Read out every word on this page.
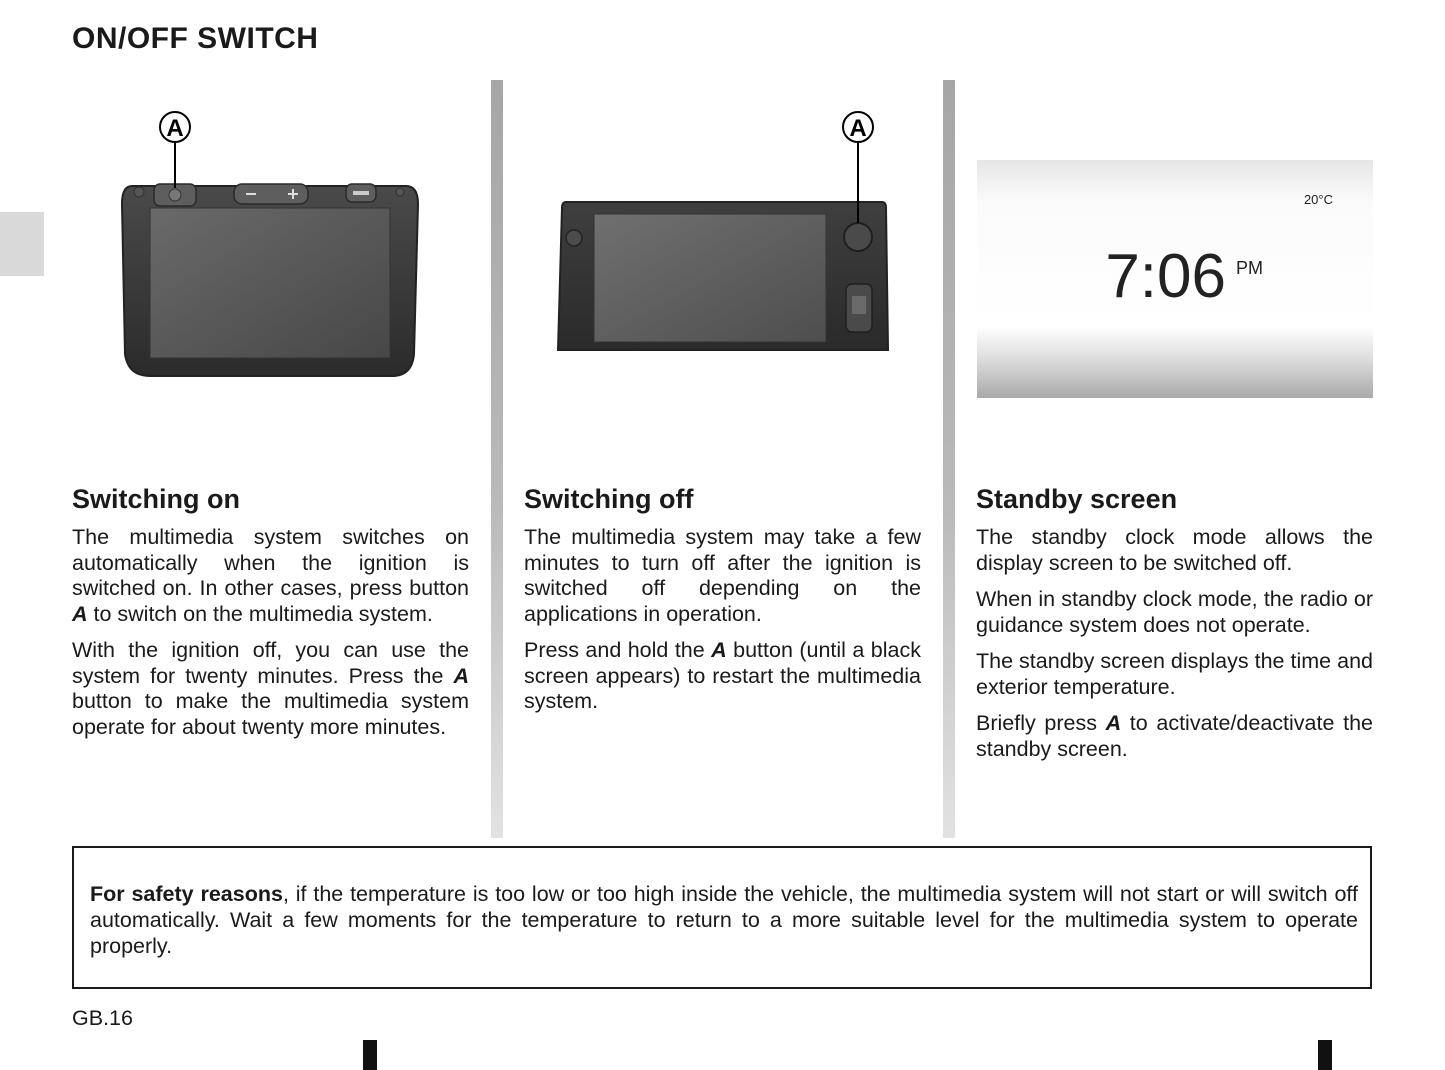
ON/OFF SWITCH
A	A
20°C
7:06 PM
Switching on

The multimedia system switches on automatically when the ignition is switched on. In other cases, press button A to switch on the multimedia system.

With the ignition off, you can use the system for twenty minutes. Press the A button to make the multimedia system operate for about twenty more minutes.

Switching off

The multimedia system may take a few minutes to turn off after the ignition is switched off depending on the applications in operation.

Press and hold the A button (until a black screen appears) to restart the multimedia system.

Standby screen

The standby clock mode allows the display screen to be switched off.

When in standby clock mode, the radio or guidance system does not operate.

The standby screen displays the time and exterior temperature.

Briefly press A to activate/deactivate the standby screen.

For safety reasons, if the temperature is too low or too high inside the vehicle, the multimedia system will not start or will switch off automatically. Wait a few moments for the temperature to return to a more suitable level for the multimedia system to operate properly.

GB.16
